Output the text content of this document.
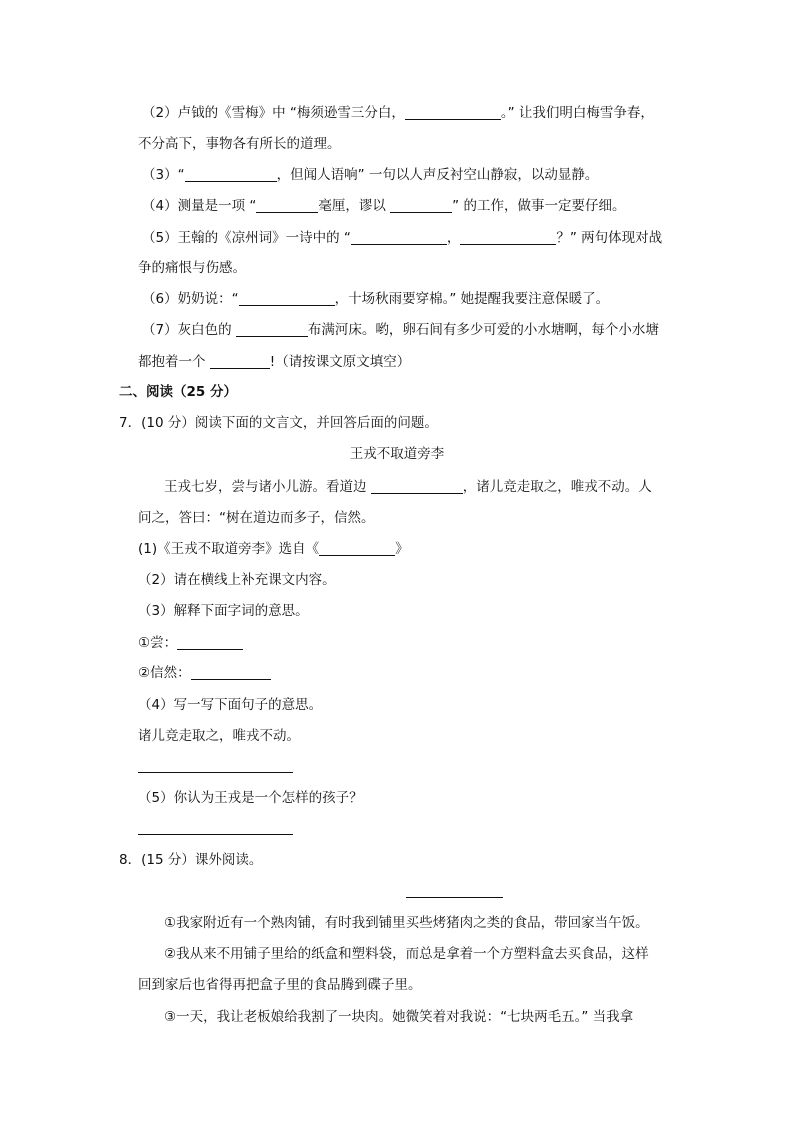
（2）卢钺的《雪梅》中 “梅须逊雪三分白，	。” 让我们明白梅雪争春，
不分高下，事物各有所长的道理。
（3）“	，但闻人语响” 一句以人声反衬空山静寂，以动显静。
（4）测量是一项 “	毫厘，谬以	” 的工作，做事一定要仔细。
（5）王翰的《凉州词》一诗中的 “	，	？” 两句体现对战
争的痛恨与伤感。
（6）奶奶说：“	，十场秋雨要穿棉。” 她提醒我要注意保暖了。
（7）灰白色的	布满河床。哟，卵石间有多少可爱的小水塘啊，每个小水塘
都抱着一个	!（请按课文原文填空）
二、阅读（25 分）
7．(10 分）阅读下面的文言文，并回答后面的问题。
王戎不取道旁李
王戎七岁，尝与诸小儿游。看道边	，诸儿竞走取之，唯戎不动。人
问之，答曰：“树在道边而多子，信然。
(1)《王戎不取道旁李》选自《	》
（2）请在横线上补充课文内容。
（3）解释下面字词的意思。
①尝：
②信然：
（4）写一写下面句子的意思。
诸儿竞走取之，唯戎不动。
（5）你认为王戎是一个怎样的孩子？
8．(15 分）课外阅读。
①我家附近有一个熟肉铺，有时我到铺里买些烤猪肉之类的食品，带回家当午饭。
②我从来不用铺子里给的纸盒和塑料袋，而总是拿着一个方塑料盒去买食品，这样
回到家后也省得再把盒子里的食品腾到碟子里。
③一天，我让老板娘给我割了一块肉。她微笑着对我说：“七块两毛五。” 当我拿
